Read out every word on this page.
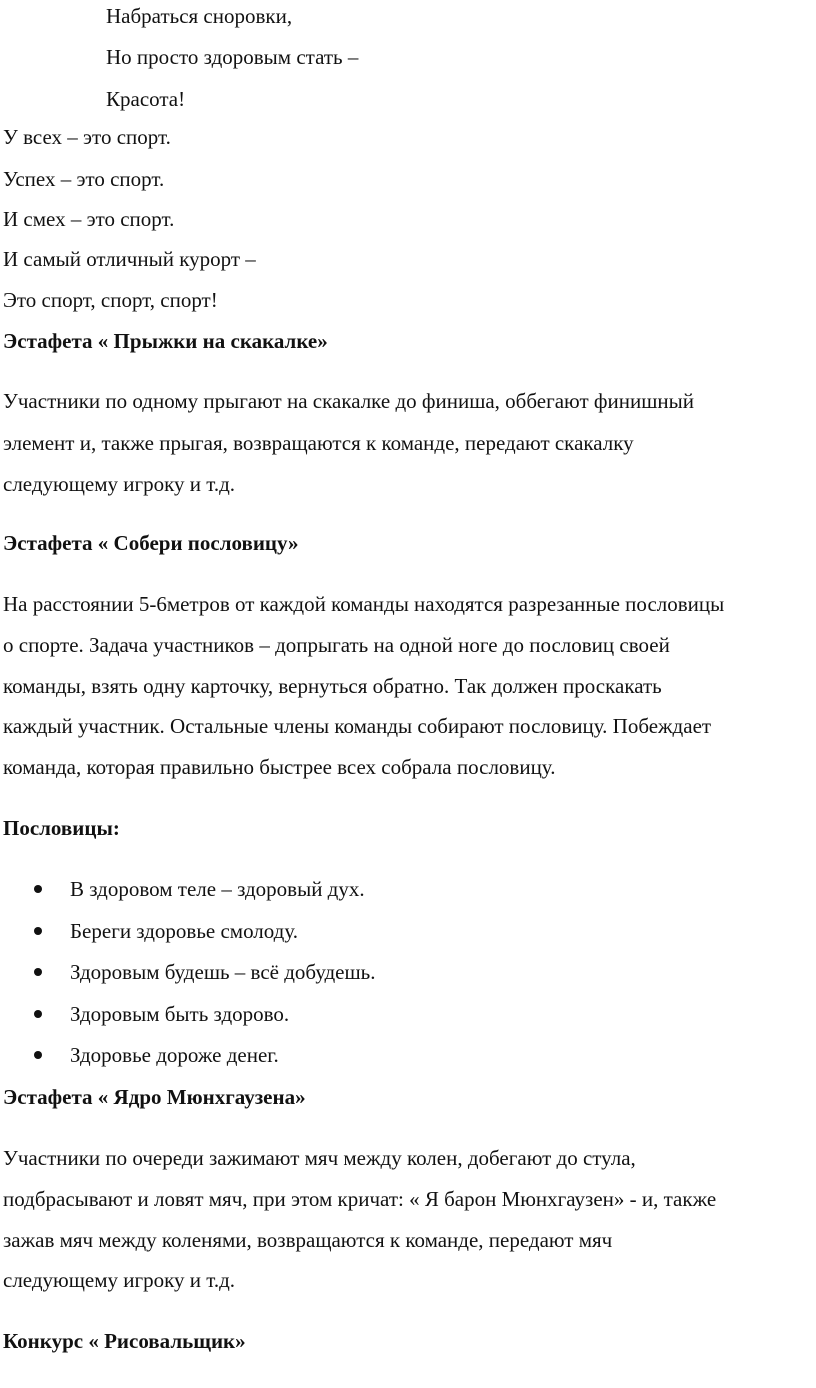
Набраться сноровки,
Но просто здоровым стать –
Красота!
У всех – это спорт.
Успех – это спорт.
И смех – это спорт.
И самый отличный курорт –
Это спорт, спорт, спорт!
Эстафета « Прыжки на скакалке»
Участники по одному прыгают на скакалке до финиша, оббегают финишный
элемент и, также прыгая, возвращаются к команде, передают скакалку
следующему игроку и т.д.
Эстафета « Собери пословицу»
На расстоянии 5-6метров от каждой команды находятся разрезанные пословицы
о спорте. Задача участников – допрыгать на одной ноге до пословиц своей
команды, взять одну карточку, вернуться обратно. Так должен проскакать
каждый участник. Остальные члены команды собирают пословицу. Побеждает
команда, которая правильно быстрее всех собрала пословицу.
Пословицы:
В здоровом теле – здоровый дух.
Береги здоровье смолоду.
Здоровым будешь – всё добудешь.
Здоровым быть здорово.
Здоровье дороже денег.
Эстафета « Ядро Мюнхгаузена»
Участники по очереди зажимают мяч между колен, добегают до стула,
подбрасывают и ловят мяч, при этом кричат: « Я барон Мюнхгаузен» - и, также
зажав мяч между коленями, возвращаются к команде, передают мяч
следующему игроку и т.д.
Конкурс « Рисовальщик»
